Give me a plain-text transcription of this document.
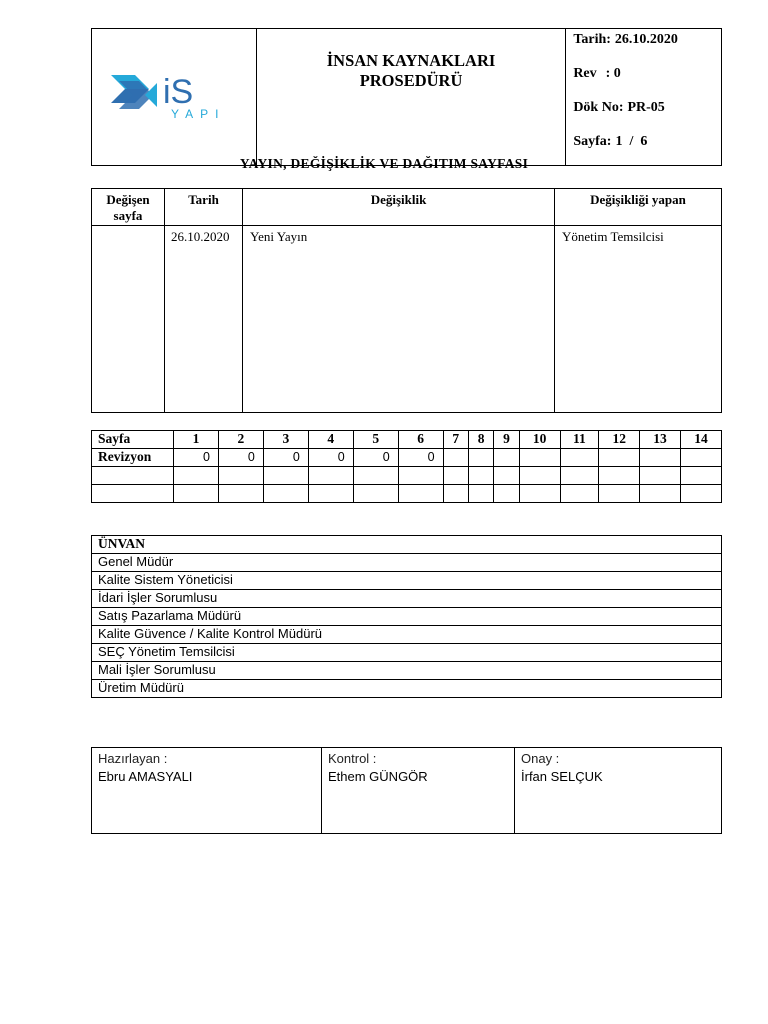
iS
YAPI

İNSAN KAYNAKLARI
PROSEDÜRÜ

Tarih: 26.10.2020
Rev : 0
Dök No: PR-05
Sayfa: 1  /  6
YAYIN, DEĞİŞİKLİK VE DAĞITIM SAYFASI
Değişen sayfa	Tarih	Değişiklik	Değişikliği yapan
	26.10.2020	Yeni Yayın	Yönetim Temsilcisi
Sayfa	1	2	3	4	5	6	7	8	9	10	11	12	13	14
Revizyon	0	0	0	0	0	0								

ÜNVAN
Genel Müdür
Kalite Sistem Yöneticisi
İdari İşler Sorumlusu
Satış Pazarlama Müdürü
Kalite Güvence / Kalite Kontrol Müdürü
SEÇ Yönetim Temsilcisi
Mali İşler Sorumlusu
Üretim Müdürü
Hazırlayan :
Ebru AMASYALI

Kontrol :
Ethem GÜNGÖR

Onay :
İrfan SELÇUK
